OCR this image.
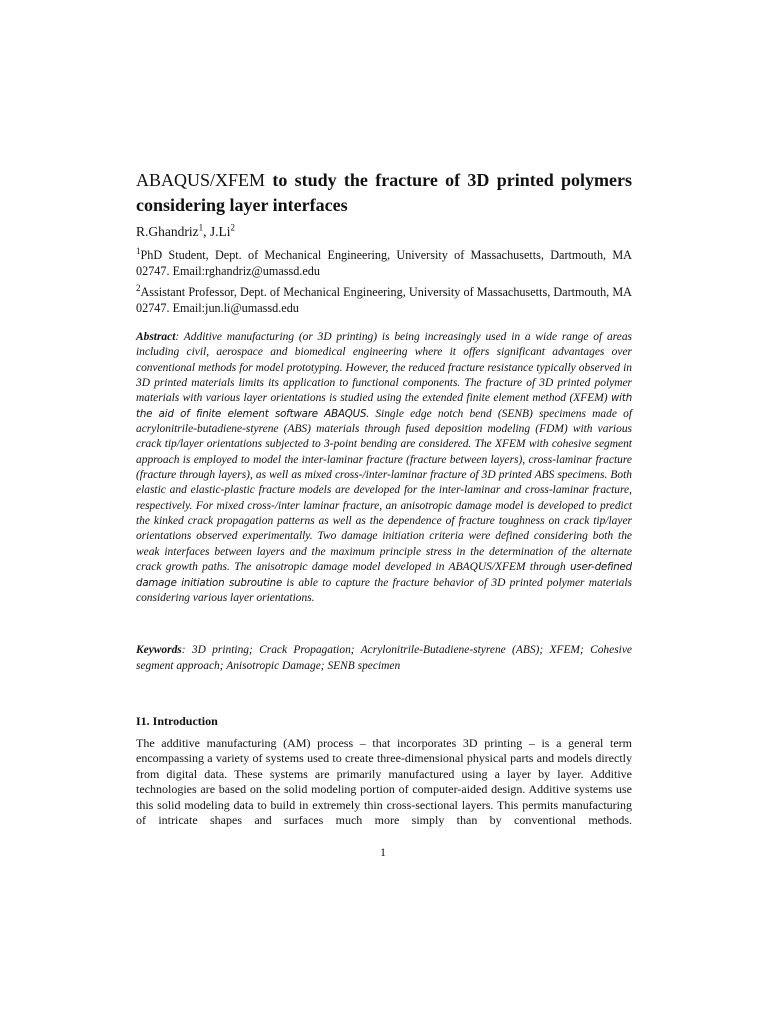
ABAQUS/XFEM to study the fracture of 3D printed polymers considering layer interfaces

R.Ghandriz$^1$, J.Li$^2$

$^1$PhD Student, Dept. of Mechanical Engineering, University of Massachusetts, Dartmouth, MA 02747. Email:rghandriz@umassd.edu

$^2$Assistant Professor, Dept. of Mechanical Engineering, University of Massachusetts, Dartmouth, MA 02747. Email:jun.li@umassd.edu

Abstract: Additive manufacturing (or 3D printing) is being increasingly used in a wide range of areas including civil, aerospace and biomedical engineering where it offers significant advantages over conventional methods for model prototyping. However, the reduced fracture resistance typically observed in 3D printed materials limits its application to functional components. The fracture of 3D printed polymer materials with various layer orientations is studied using the extended finite element method (XFEM) with the aid of finite element software ABAQUS. Single edge notch bend (SENB) specimens made of acrylonitrile-butadiene-styrene (ABS) materials through fused deposition modeling (FDM) with various crack tip/layer orientations subjected to 3-point bending are considered. The XFEM with cohesive segment approach is employed to model the inter-laminar fracture (fracture between layers), cross-laminar fracture (fracture through layers), as well as mixed cross-/inter-laminar fracture of 3D printed ABS specimens. Both elastic and elastic-plastic fracture models are developed for the inter-laminar and cross-laminar fracture, respectively. For mixed cross-/inter laminar fracture, an anisotropic damage model is developed to predict the kinked crack propagation patterns as well as the dependence of fracture toughness on crack tip/layer orientations observed experimentally. Two damage initiation criteria were defined considering both the weak interfaces between layers and the maximum principle stress in the determination of the alternate crack growth paths. The anisotropic damage model developed in ABAQUS/XFEM through user-defined damage initiation subroutine is able to capture the fracture behavior of 3D printed polymer materials considering various layer orientations.

Keywords: 3D printing; Crack Propagation; Acrylonitrile-Butadiene-styrene (ABS); XFEM; Cohesive segment approach; Anisotropic Damage; SENB specimen

I1. Introduction

The additive manufacturing (AM) process – that incorporates 3D printing – is a general term encompassing a variety of systems used to create three-dimensional physical parts and models directly from digital data. These systems are primarily manufactured using a layer by layer. Additive technologies are based on the solid modeling portion of computer-aided design. Additive systems use this solid modeling data to build in extremely thin cross-sectional layers. This permits manufacturing of intricate shapes and surfaces much more simply than by conventional methods.

1
